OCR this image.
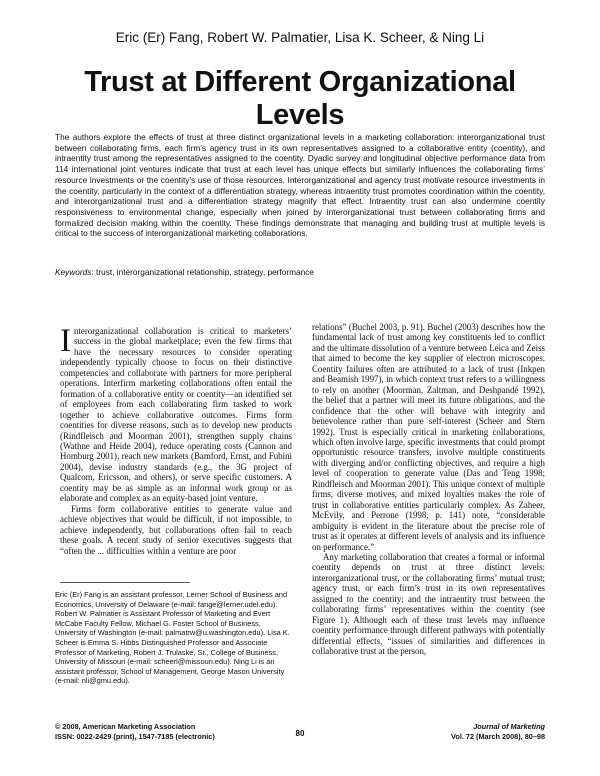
Eric (Er) Fang, Robert W. Palmatier, Lisa K. Scheer, & Ning Li
Trust at Different Organizational Levels

The authors explore the effects of trust at three distinct organizational levels in a marketing collaboration: interorganizational trust between collaborating firms, each firm’s agency trust in its own representatives assigned to a collaborative entity (coentity), and intraentity trust among the representatives assigned to the coentity. Dyadic survey and longitudinal objective performance data from 114 international joint ventures indicate that trust at each level has unique effects but similarly influences the collaborating firms’ resource investments or the coentity’s use of those resources. Interorganizational and agency trust motivate resource investments in the coentity, particularly in the context of a differentiation strategy, whereas intraentity trust promotes coordination within the coentity, and interorganizational trust and a differentiation strategy magnify that effect. Intraentity trust can also undermine coentity responsiveness to environmental change, especially when joined by interorganizational trust between collaborating firms and formalized decision making within the coentity. These findings demonstrate that managing and building trust at multiple levels is critical to the success of interorganizational marketing collaborations.

Keywords: trust, interorganizational relationship, strategy, performance

Interorganizational collaboration is critical to marketers’ success in the global marketplace; even the few firms that have the necessary resources to consider operating independently typically choose to focus on their distinctive competencies and collaborate with partners for more peripheral operations. Interfirm marketing collaborations often entail the formation of a collaborative entity or coentity—an identified set of employees from each collaborating firm tasked to work together to achieve collaborative outcomes. Firms form coentities for diverse reasons, such as to develop new products (Rindfleisch and Moorman 2001), strengthen supply chains (Wathne and Heide 2004), reduce operating costs (Cannon and Homburg 2001), reach new markets (Bamford, Ernst, and Fubini 2004), devise industry standards (e.g., the 3G project of Qualcom, Ericsson, and others), or serve specific customers. A coentity may be as simple as an informal work group or as elaborate and complex as an equity-based joint venture.

Firms form collaborative entities to generate value and achieve objectives that would be difficult, if not impossible, to achieve independently, but collaborations often fail to reach these goals. A recent study of senior executives suggests that “often the ... difficulties within a venture are poor

relations” (Buchel 2003, p. 91). Buchel (2003) describes how the fundamental lack of trust among key constituents led to conflict and the ultimate dissolution of a venture between Leica and Zeiss that aimed to become the key supplier of electron microscopes. Coentity failures often are attributed to a lack of trust (Inkpen and Beamish 1997), in which context trust refers to a willingness to rely on another (Moorman, Zaltman, and Deshpandé 1992), the belief that a partner will meet its future obligations, and the confidence that the other will behave with integrity and benevolence rather than pure self-interest (Scheer and Stern 1992). Trust is especially critical in marketing collaborations, which often involve large, specific investments that could prompt opportunistic resource transfers, involve multiple constituents with diverging and/or conflicting objectives, and require a high level of cooperation to generate value (Das and Teng 1998; Rindfleisch and Moorman 2001). This unique context of multiple firms, diverse motives, and mixed loyalties makes the role of trust in collaborative entities particularly complex. As Zaheer, McEvily, and Perrone (1998, p. 141) note, “considerable ambiguity is evident in the literature about the precise role of trust as it operates at different levels of analysis and its influence on performance.”

Any marketing collaboration that creates a formal or informal coentity depends on trust at three distinct levels: interorganizational trust, or the collaborating firms’ mutual trust; agency trust, or each firm’s trust in its own representatives assigned to the coentity; and the intraentity trust between the collaborating firms’ representatives within the coentity (see Figure 1). Although each of these trust levels may influence coentity performance through different pathways with potentially differential effects, “issues of similarities and differences in collaborative trust at the person,

Eric (Er) Fang is an assistant professor, Lerner School of Business and Economics, University of Delaware (e-mail: fange@lerner.udel.edu). Robert W. Palmatier is Assistant Professor of Marketing and Evert McCabe Faculty Fellow, Michael G. Foster School of Business, University of Washington (e-mail: palmatrw@u.washington.edu). Lisa K. Scheer is Emma S. Hibbs Distinguished Professor and Associate Professor of Marketing, Robert J. Trulaske, Sr., College of Business, University of Missouri (e-mail: scheerl@missouri.edu). Ning Li is an assistant professor, School of Management, George Mason University (e-mail: nli@gmu.edu).

© 2008, American Marketing Association
ISSN: 0022-2429 (print), 1547-7185 (electronic)	80
Journal of Marketing
Vol. 72 (March 2008), 80–98
